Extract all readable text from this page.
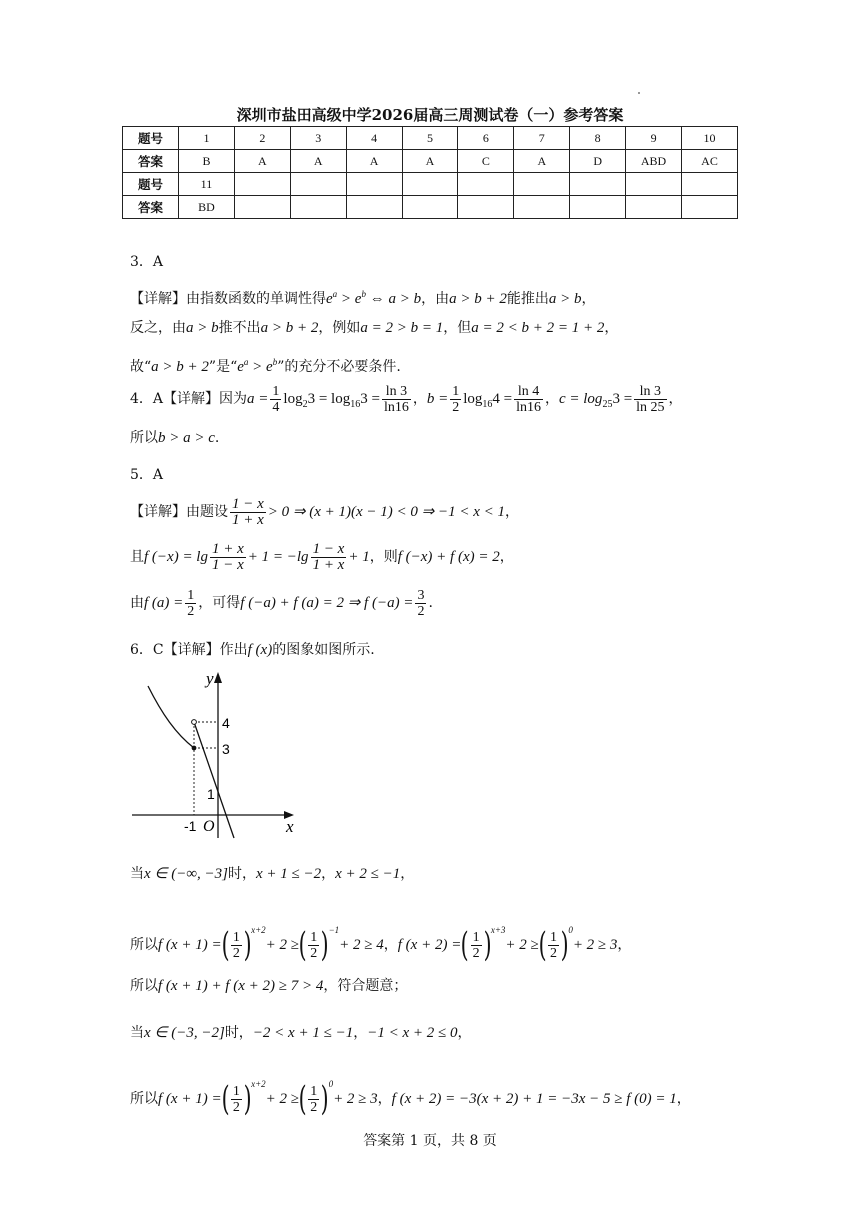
深圳市盐田高级中学2026届高三周测试卷（一）参考答案
题号	1	2	3	4	5	6	7	8	9	10
答案	B	A	A	A	A	C	A	D	ABD	AC
题号	11									
答案	BD									
3．A
【详解】由指数函数的单调性得$e^a > e^b$ ⇔ a > b，由a > b + 2能推出a > b，
反之，由a > b推不出a > b + 2，例如a = 2 > b = 1，但a = 2 < b + 2 = 1 + 2，
故“a > b + 2”是“$e^a > e^b$”的充分不必要条件.
4．A【详解】因为$a = \frac{1}{4} \log_23 = \log_{16}3 = \frac{\ln 3}{\ln 16}$ ，$b = \frac{1}{2} \log_{16}4 = \frac{\ln 4}{\ln 16}$ ，$c = \log_{25}3 = \frac{\ln 3}{\ln 25}$ ，
所以b > a > c.
5．A
【详解】由题设 $\frac{1 - x}{1 + x} > 0$ ⇒ (x + 1)(x − 1) < 0 ⇒ −1 < x < 1，
且f $(-x) = \lg \frac{1 + x}{1 - x} + 1 = -\lg \frac{1 - x}{1 + x} + 1$，则f (−x) + f (x) = 2，
由f $(a) = \frac{1}{2}$ ，可得f (−a) + f (a) = 2 ⇒ f $(-a) = \frac{3}{2}$ .
6．C【详解】作出f (x)的图象如图所示.
y
x
4
3
1
-1 O
当x ∈ (−∞, −3]时，x + 1 ≤ −2，x + 2 ≤ −1，
所以f (x + 1) =( $\frac{1}{2} )^{x+2}+ 2$ ≥( $\frac{1}{2} )^{-1}+ 2 \ge 4$，f (x + 2) =( $\frac{1}{2} )^{x+3}+ 2$ ≥( $\frac{1}{2} )^0+ 2 \ge 3$，
所以f (x + 1) + f (x + 2) ≥ 7 > 4，符合题意；
当x ∈ (−3, −2]时，−2 < x + 1 ≤ −1，−1 < x + 2 ≤ 0，
所以f (x + 1) =( $\frac{1}{2} )^{x+2}+ 2$ ≥( $\frac{1}{2} )^0+ 2 \ge 3$，f (x + 2) = −3(x + 2) + 1 = −3x − 5 ≥ f (0) = 1，
答案第 1 页，共 8 页
